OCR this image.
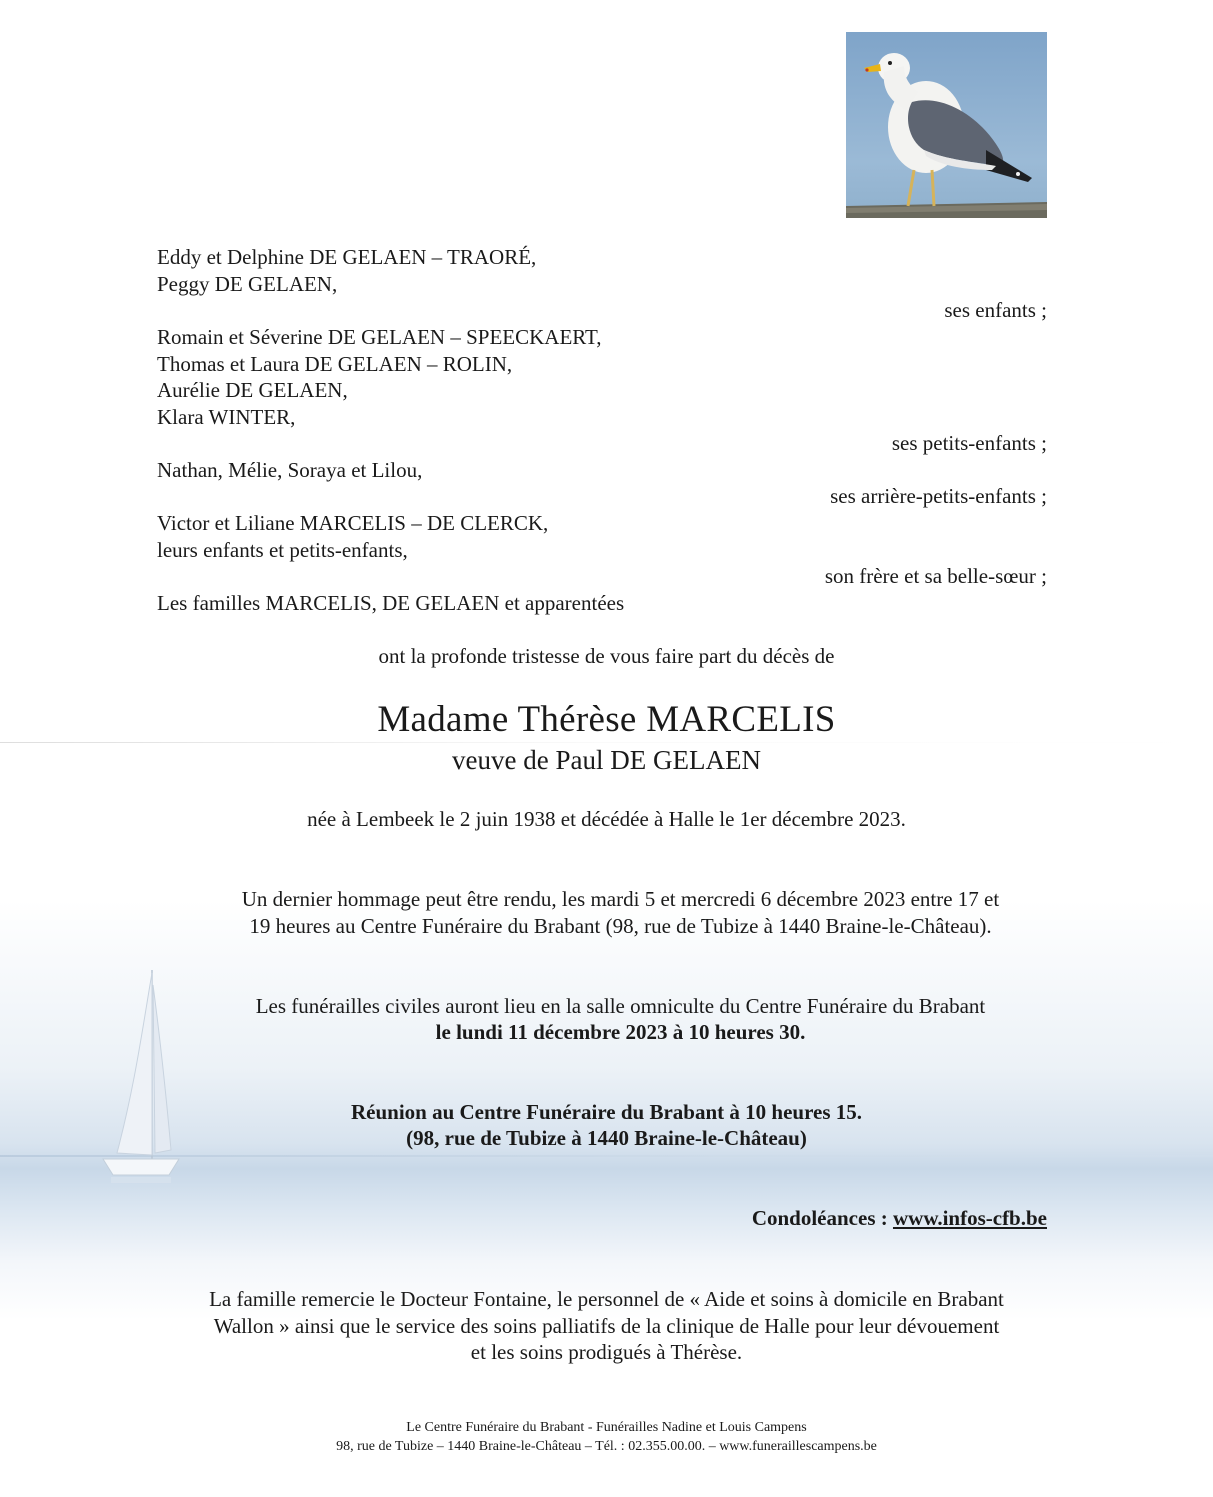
Eddy et Delphine DE GELAEN – TRAORÉ,
Peggy DE GELAEN,
ses enfants ;
Romain et Séverine DE GELAEN – SPEECKAERT,
Thomas et Laura DE GELAEN – ROLIN,
Aurélie DE GELAEN,
Klara WINTER,
ses petits-enfants ;
Nathan, Mélie, Soraya et Lilou,
ses arrière-petits-enfants ;
Victor et Liliane MARCELIS – DE CLERCK,
leurs enfants et petits-enfants,
son frère et sa belle-sœur ;
Les familles MARCELIS, DE GELAEN et apparentées
ont la profonde tristesse de vous faire part du décès de
Madame Thérèse MARCELIS
veuve de Paul DE GELAEN
née à Lembeek le 2 juin 1938 et décédée à Halle le 1er décembre 2023.
Un dernier hommage peut être rendu, les mardi 5 et mercredi 6 décembre 2023 entre 17 et
19 heures au Centre Funéraire du Brabant (98, rue de Tubize à 1440 Braine-le-Château).
Les funérailles civiles auront lieu en la salle omniculte du Centre Funéraire du Brabant
le lundi 11 décembre 2023 à 10 heures 30.
Réunion au Centre Funéraire du Brabant à 10 heures 15.
(98, rue de Tubize à 1440 Braine-le-Château)
Condoléances : www.infos-cfb.be
La famille remercie le Docteur Fontaine, le personnel de « Aide et soins à domicile en Brabant
Wallon » ainsi que le service des soins palliatifs de la clinique de Halle pour leur dévouement
et les soins prodigués à Thérèse.
Le Centre Funéraire du Brabant - Funérailles Nadine et Louis Campens
98, rue de Tubize – 1440 Braine-le-Château – Tél. : 02.355.00.00. – www.funeraillescampens.be
